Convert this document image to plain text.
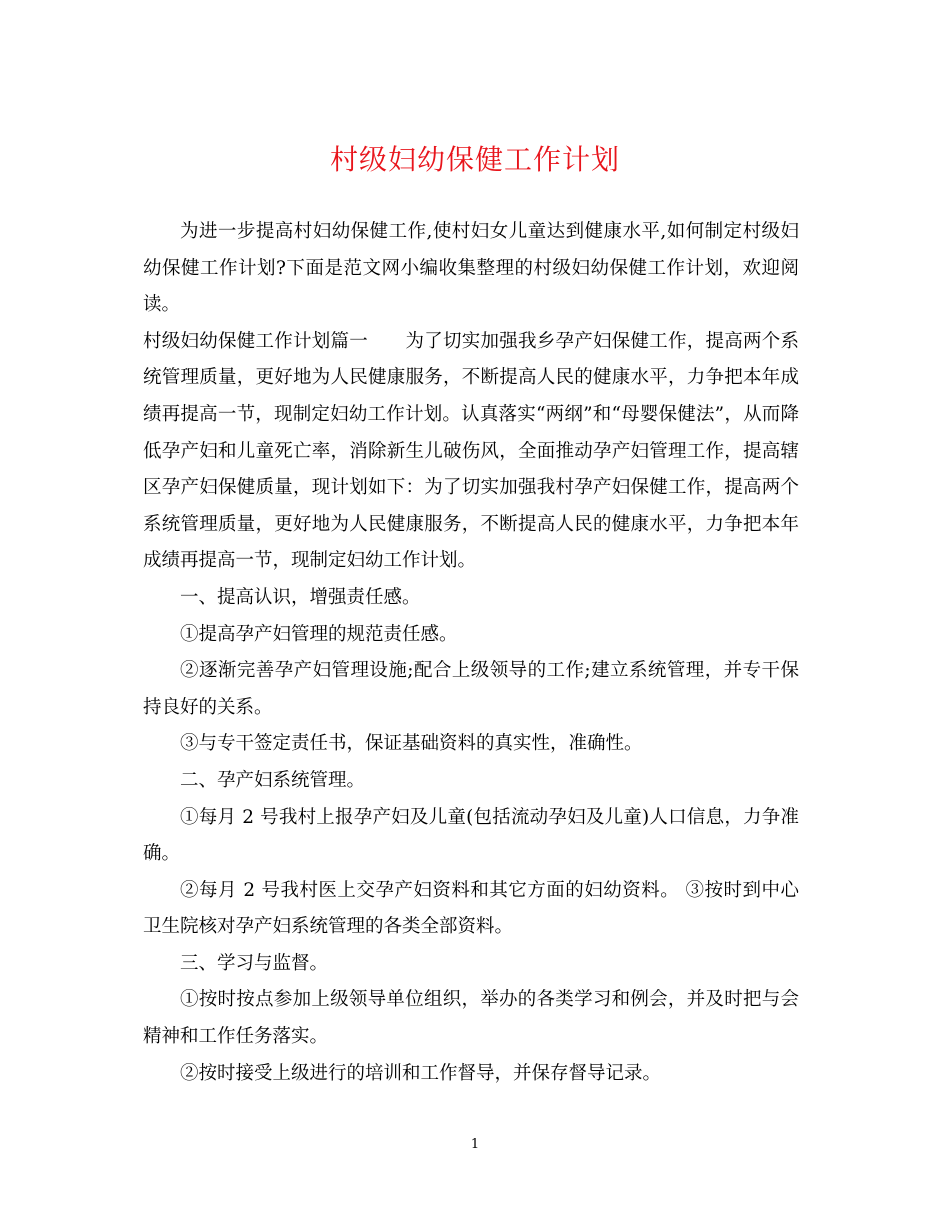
村级妇幼保健工作计划

为进一步提高村妇幼保健工作,使村妇女儿童达到健康水平,如何制定村级妇幼保健工作计划?下面是范文网小编收集整理的村级妇幼保健工作计划，欢迎阅读。

村级妇幼保健工作计划篇一　　为了切实加强我乡孕产妇保健工作，提高两个系统管理质量，更好地为人民健康服务，不断提高人民的健康水平，力争把本年成绩再提高一节，现制定妇幼工作计划。认真落实“两纲”和“母婴保健法”，从而降低孕产妇和儿童死亡率，消除新生儿破伤风，全面推动孕产妇管理工作，提高辖区孕产妇保健质量，现计划如下：为了切实加强我村孕产妇保健工作，提高两个系统管理质量，更好地为人民健康服务，不断提高人民的健康水平，力争把本年成绩再提高一节，现制定妇幼工作计划。

一、提高认识，增强责任感。

①提高孕产妇管理的规范责任感。

②逐渐完善孕产妇管理设施;配合上级领导的工作;建立系统管理，并专干保持良好的关系。

③与专干签定责任书，保证基础资料的真实性，准确性。

二、孕产妇系统管理。

①每月 2 号我村上报孕产妇及儿童(包括流动孕妇及儿童)人口信息，力争准确。

②每月 2 号我村医上交孕产妇资料和其它方面的妇幼资料。 ③按时到中心卫生院核对孕产妇系统管理的各类全部资料。

三、学习与监督。

①按时按点参加上级领导单位组织，举办的各类学习和例会，并及时把与会精神和工作任务落实。

②按时接受上级进行的培训和工作督导，并保存督导记录。

1
